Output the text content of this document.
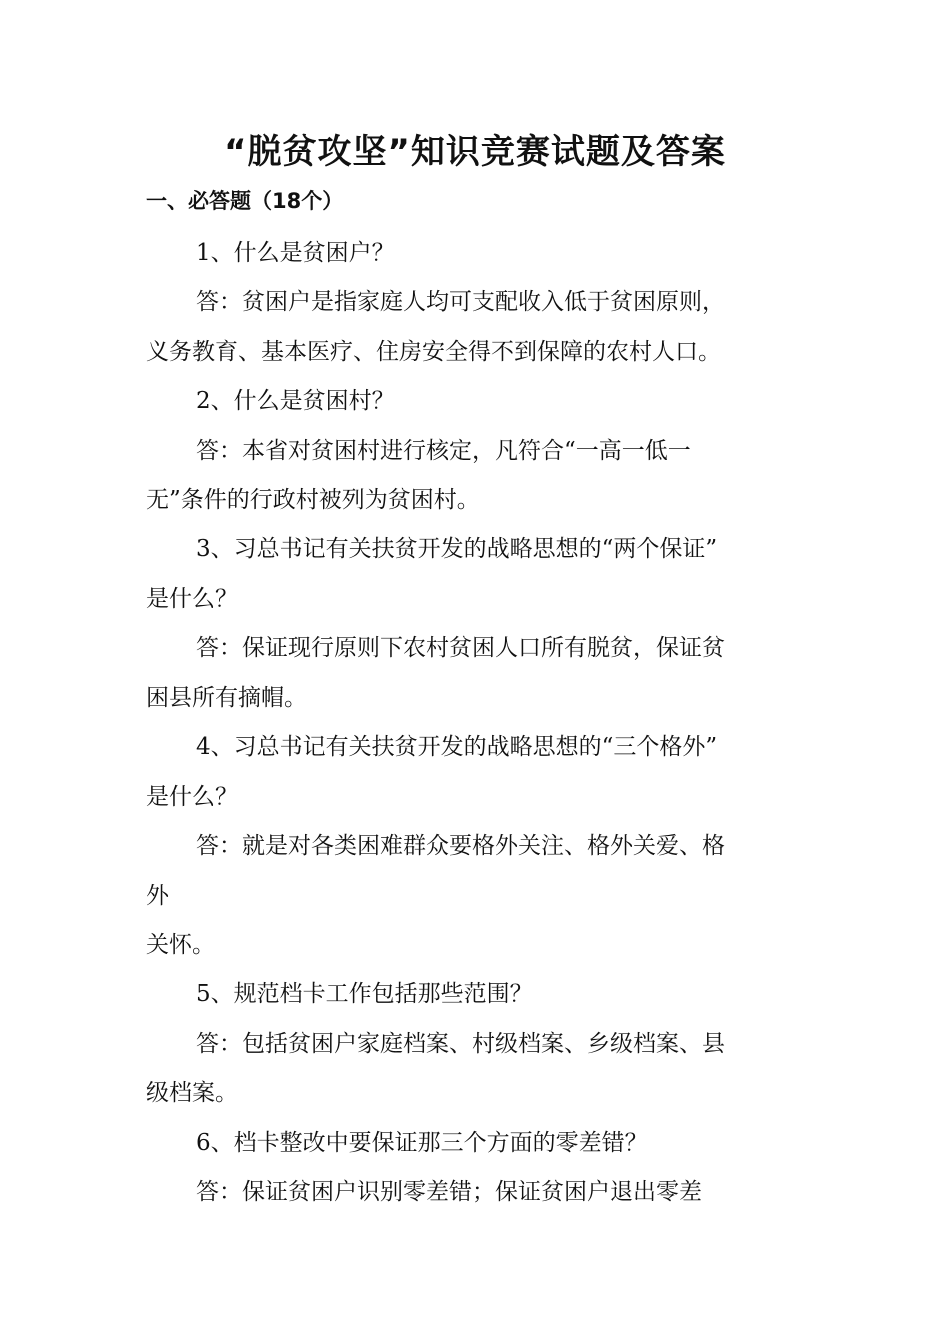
“脱贫攻坚”知识竞赛试题及答案
一、必答题（18个）
1、什么是贫困户？
答：贫困户是指家庭人均可支配收入低于贫困原则，
义务教育、基本医疗、住房安全得不到保障的农村人口。
2、什么是贫困村？
答：本省对贫困村进行核定，凡符合“一高一低一
无”条件的行政村被列为贫困村。
3、习总书记有关扶贫开发的战略思想的“两个保证”
是什么？
答：保证现行原则下农村贫困人口所有脱贫，保证贫
困县所有摘帽。
4、习总书记有关扶贫开发的战略思想的“三个格外”
是什么？
答：就是对各类困难群众要格外关注、格外关爱、格
外
关怀。
5、规范档卡工作包括那些范围？
答：包括贫困户家庭档案、村级档案、乡级档案、县
级档案。
6、档卡整改中要保证那三个方面的零差错？
答：保证贫困户识别零差错；保证贫困户退出零差
